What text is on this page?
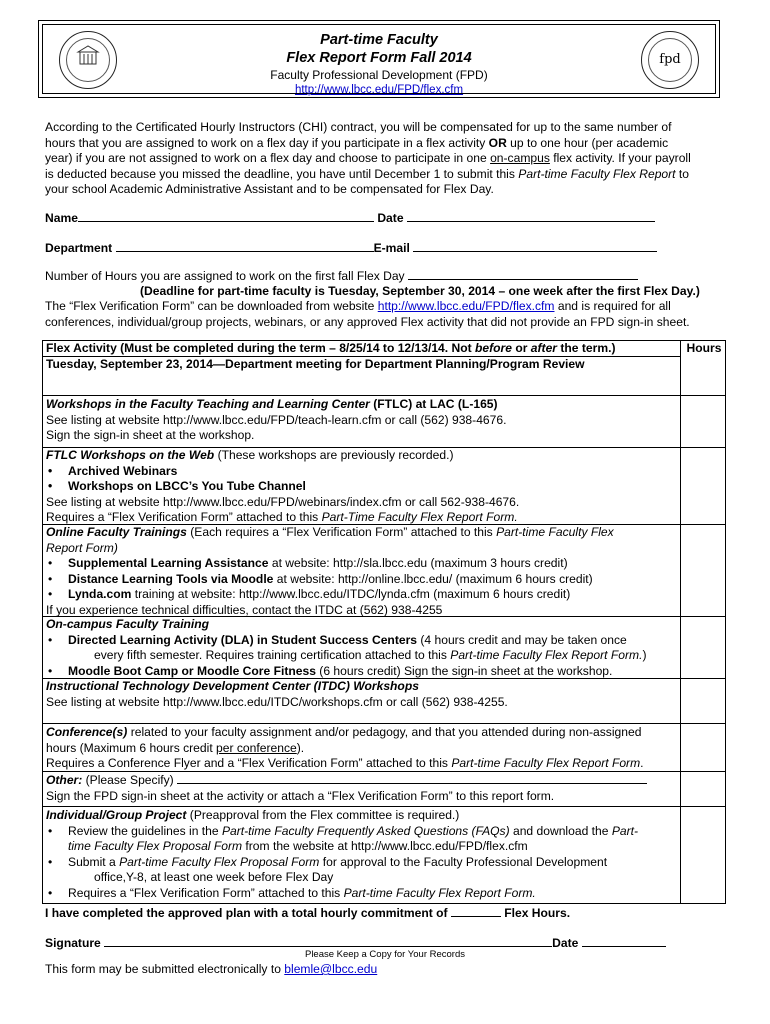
fpd
Part-time Faculty
Flex Report Form Fall 2014
Faculty Professional Development (FPD)
http://www.lbcc.edu/FPD/flex.cfm
According to the Certificated Hourly Instructors (CHI) contract, you will be compensated for up to the same number of
hours that you are assigned to work on a flex day if you participate in a flex activity OR up to one hour (per academic
year) if you are not assigned to work on a flex day and choose to participate in one on-campus flex activity. If your payroll
is deducted because you missed the deadline, you have until December 1 to submit this Part-time Faculty Flex Report to
your school Academic Administrative Assistant and to be compensated for Flex Day.
Name	Date
Department	E-mail
Number of Hours you are assigned to work on the first fall Flex Day
(Deadline for part-time faculty is Tuesday, September 30, 2014 – one week after the first Flex Day.)
The “Flex Verification Form” can be downloaded from website http://www.lbcc.edu/FPD/flex.cfm and is required for all
conferences, individual/group projects, webinars, or any approved Flex activity that did not provide an FPD sign-in sheet.
Hours
Flex Activity (Must be completed during the term – 8/25/14 to 12/13/14. Not before or after the term.)
Tuesday, September 23, 2014—Department meeting for Department Planning/Program Review
Workshops in the Faculty Teaching and Learning Center (FTLC) at LAC (L-165)
See listing at website http://www.lbcc.edu/FPD/teach-learn.cfm or call (562) 938-4676.
Sign the sign-in sheet at the workshop.
FTLC Workshops on the Web (These workshops are previously recorded.)
• Archived Webinars
• Workshops on LBCC’s You Tube Channel
See listing at website http://www.lbcc.edu/FPD/webinars/index.cfm or call 562-938-4676.
Requires a “Flex Verification Form” attached to this Part-Time Faculty Flex Report Form.
Online Faculty Trainings (Each requires a “Flex Verification Form” attached to this Part-time Faculty Flex
Report Form)
• Supplemental Learning Assistance at website: http://sla.lbcc.edu (maximum 3 hours credit)
• Distance Learning Tools via Moodle at website: http://online.lbcc.edu/ (maximum 6 hours credit)
• Lynda.com training at website: http://www.lbcc.edu/ITDC/lynda.cfm (maximum 6 hours credit)
If you experience technical difficulties, contact the ITDC at (562) 938-4255
On-campus Faculty Training
• Directed Learning Activity (DLA) in Student Success Centers (4 hours credit and may be taken once
every fifth semester. Requires training certification attached to this Part-time Faculty Flex Report Form.)
• Moodle Boot Camp or Moodle Core Fitness (6 hours credit) Sign the sign-in sheet at the workshop.
Instructional Technology Development Center (ITDC) Workshops
See listing at website http://www.lbcc.edu/ITDC/workshops.cfm or call (562) 938-4255.
Conference(s) related to your faculty assignment and/or pedagogy, and that you attended during non-assigned
hours (Maximum 6 hours credit per conference).
Requires a Conference Flyer and a “Flex Verification Form” attached to this Part-time Faculty Flex Report Form.
Other: (Please Specify)
Sign the FPD sign-in sheet at the activity or attach a “Flex Verification Form” to this report form.
Individual/Group Project (Preapproval from the Flex committee is required.)
• Review the guidelines in the Part-time Faculty Frequently Asked Questions (FAQs) and download the Part-
time Faculty Flex Proposal Form from the website at http://www.lbcc.edu/FPD/flex.cfm
• Submit a Part-time Faculty Flex Proposal Form for approval to the Faculty Professional Development
office,Y-8, at least one week before Flex Day
• Requires a “Flex Verification Form” attached to this Part-time Faculty Flex Report Form.
I have completed the approved plan with a total hourly commitment of	Flex Hours.
Signature	Date
Please Keep a Copy for Your Records
This form may be submitted electronically to blemle@lbcc.edu
